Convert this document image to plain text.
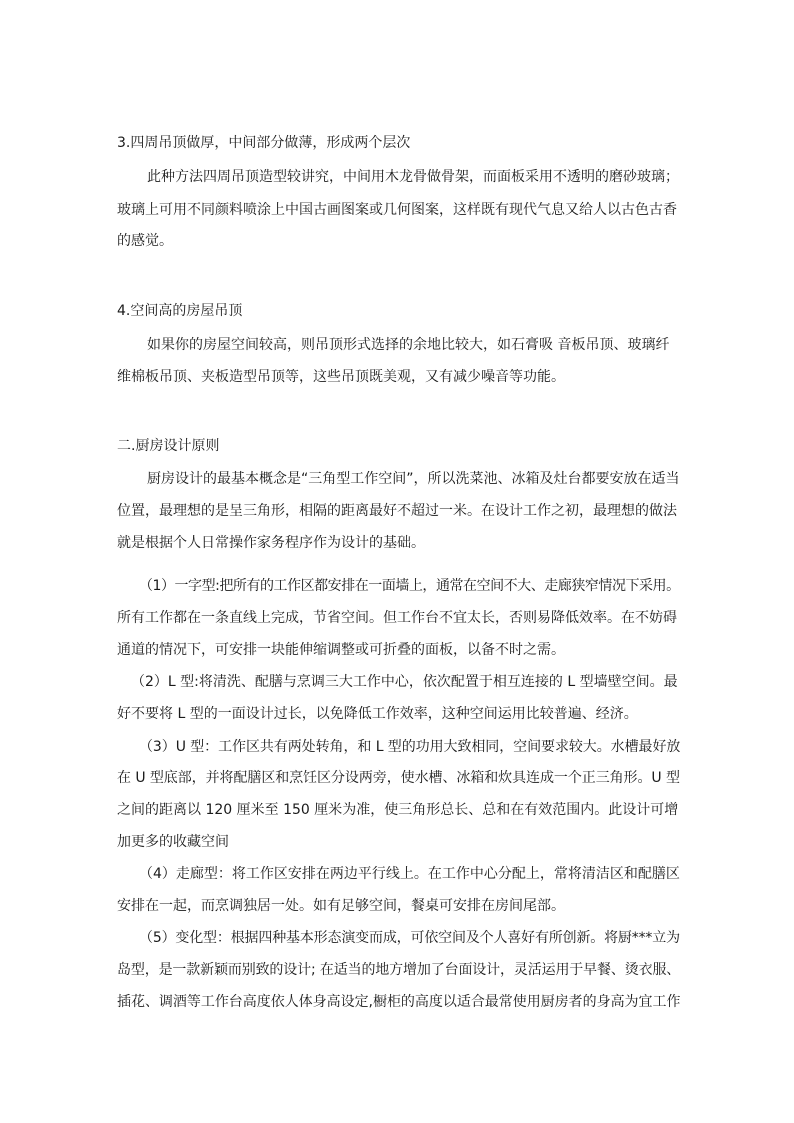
3.四周吊顶做厚，中间部分做薄，形成两个层次
此种方法四周吊顶造型较讲究，中间用木龙骨做骨架，而面板采用不透明的磨砂玻璃；
玻璃上可用不同颜料喷涂上中国古画图案或几何图案，这样既有现代气息又给人以古色古香
的感觉。
4.空间高的房屋吊顶
如果你的房屋空间较高，则吊顶形式选择的余地比较大，如石膏吸 音板吊顶、玻璃纤
维棉板吊顶、夹板造型吊顶等，这些吊顶既美观，又有减少噪音等功能。
二.厨房设计原则
厨房设计的最基本概念是“三角型工作空间”，所以洗菜池、冰箱及灶台都要安放在适当
位置，最理想的是呈三角形，相隔的距离最好不超过一米。在设计工作之初，最理想的做法
就是根据个人日常操作家务程序作为设计的基础。
（1）一字型:把所有的工作区都安排在一面墙上，通常在空间不大、走廊狭窄情况下采用。
所有工作都在一条直线上完成，节省空间。但工作台不宜太长，否则易降低效率。在不妨碍
通道的情况下，可安排一块能伸缩调整或可折叠的面板，以备不时之需。
（2）L 型:将清洗、配膳与烹调三大工作中心，依次配置于相互连接的 L 型墙壁空间。最
好不要将 L 型的一面设计过长，以免降低工作效率，这种空间运用比较普遍、经济。
（3）U 型：工作区共有两处转角，和 L 型的功用大致相同，空间要求较大。水槽最好放
在 U 型底部，并将配膳区和烹饪区分设两旁，使水槽、冰箱和炊具连成一个正三角形。U 型
之间的距离以 120 厘米至 150 厘米为准，使三角形总长、总和在有效范围内。此设计可增
加更多的收藏空间
（4）走廊型：将工作区安排在两边平行线上。在工作中心分配上，常将清洁区和配膳区
安排在一起，而烹调独居一处。如有足够空间，餐桌可安排在房间尾部。
（5）变化型：根据四种基本形态演变而成，可依空间及个人喜好有所创新。将厨***立为
岛型，是一款新颖而别致的设计; 在适当的地方增加了台面设计，灵活运用于早餐、烫衣服、
插花、调酒等工作台高度依人体身高设定,橱柜的高度以适合最常使用厨房者的身高为宜工作
